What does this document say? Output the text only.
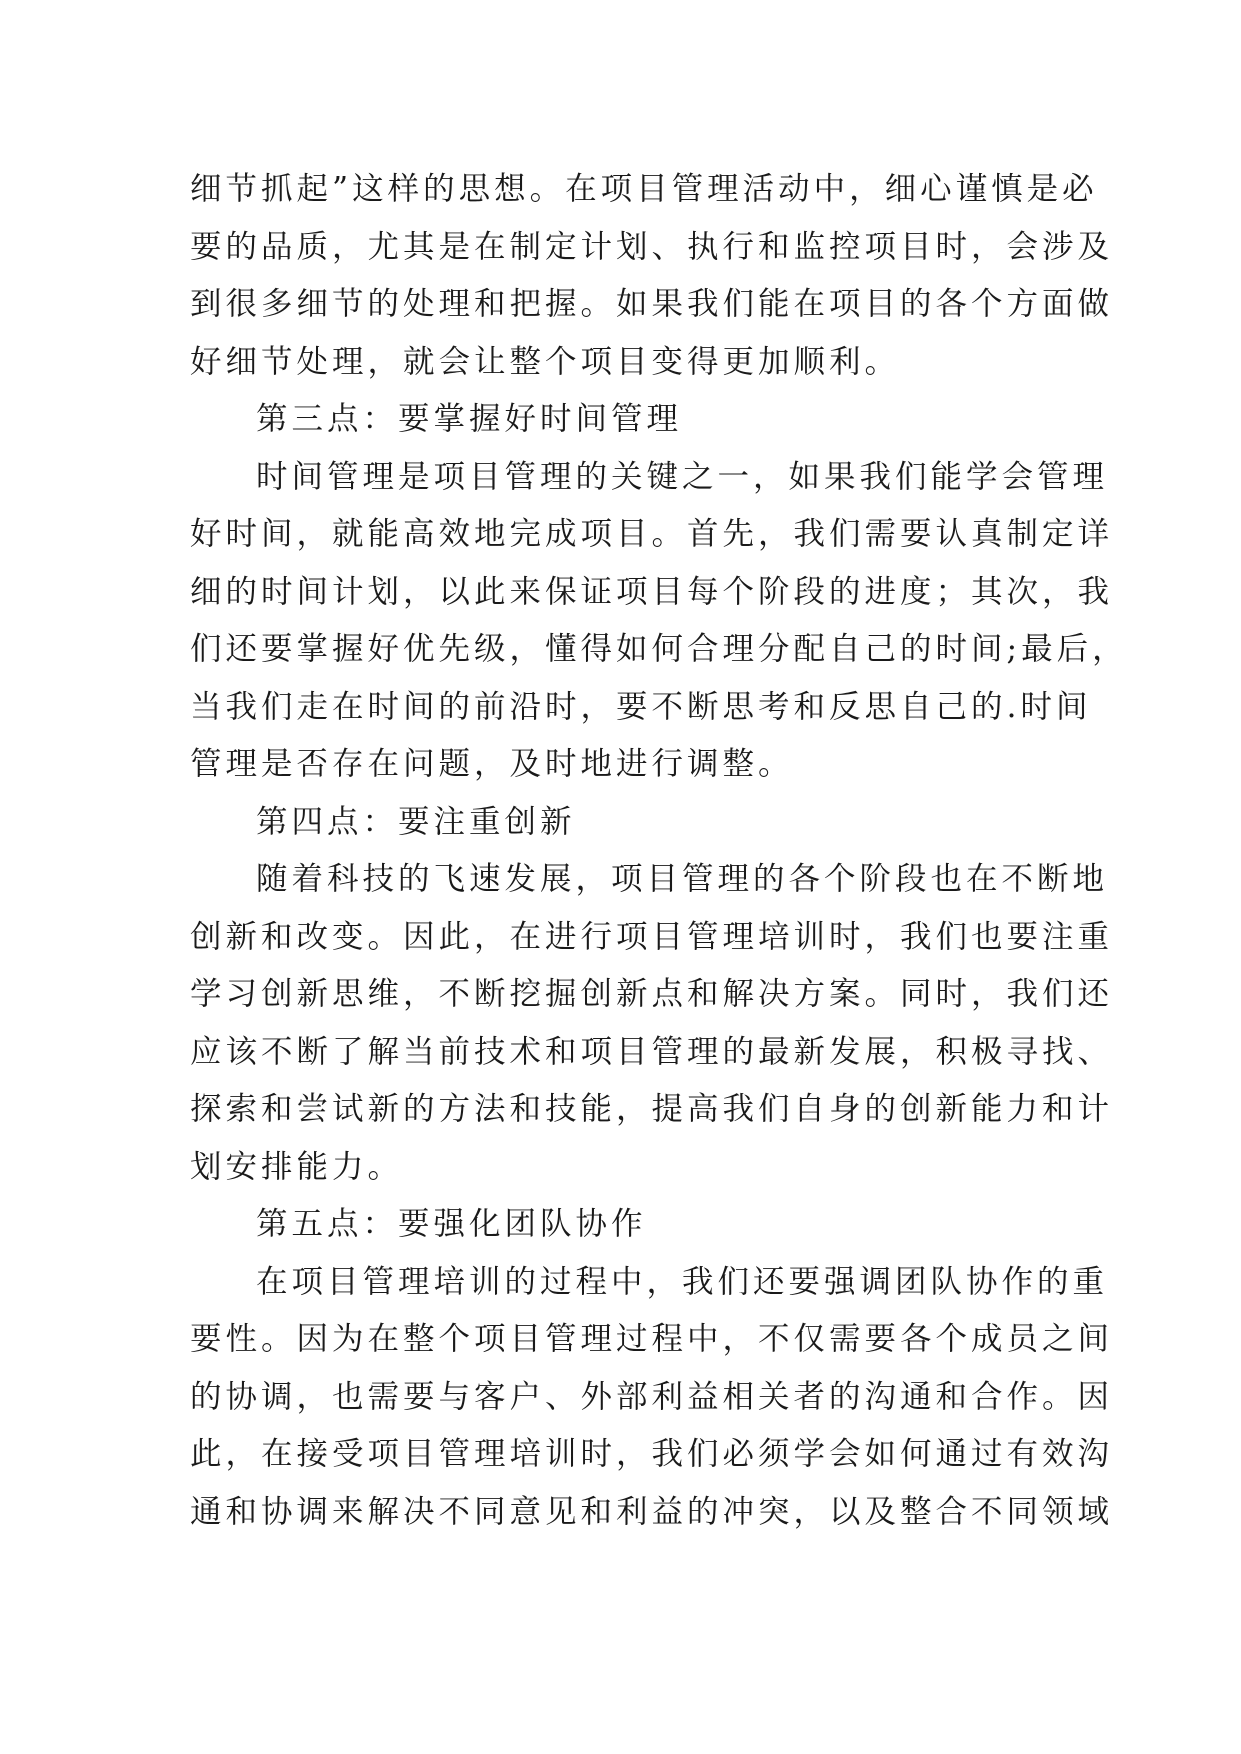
细节抓起”这样的思想。在项目管理活动中，细心谨慎是必
要的品质，尤其是在制定计划、执行和监控项目时，会涉及
到很多细节的处理和把握。如果我们能在项目的各个方面做
好细节处理，就会让整个项目变得更加顺利。
第三点：要掌握好时间管理
时间管理是项目管理的关键之一，如果我们能学会管理
好时间，就能高效地完成项目。首先，我们需要认真制定详
细的时间计划，以此来保证项目每个阶段的进度；其次，我
们还要掌握好优先级，懂得如何合理分配自己的时间;最后，
当我们走在时间的前沿时，要不断思考和反思自己的.时间
管理是否存在问题，及时地进行调整。
第四点：要注重创新
随着科技的飞速发展，项目管理的各个阶段也在不断地
创新和改变。因此，在进行项目管理培训时，我们也要注重
学习创新思维，不断挖掘创新点和解决方案。同时，我们还
应该不断了解当前技术和项目管理的最新发展，积极寻找、
探索和尝试新的方法和技能，提高我们自身的创新能力和计
划安排能力。
第五点：要强化团队协作
在项目管理培训的过程中，我们还要强调团队协作的重
要性。因为在整个项目管理过程中，不仅需要各个成员之间
的协调，也需要与客户、外部利益相关者的沟通和合作。因
此，在接受项目管理培训时，我们必须学会如何通过有效沟
通和协调来解决不同意见和利益的冲突，以及整合不同领域
